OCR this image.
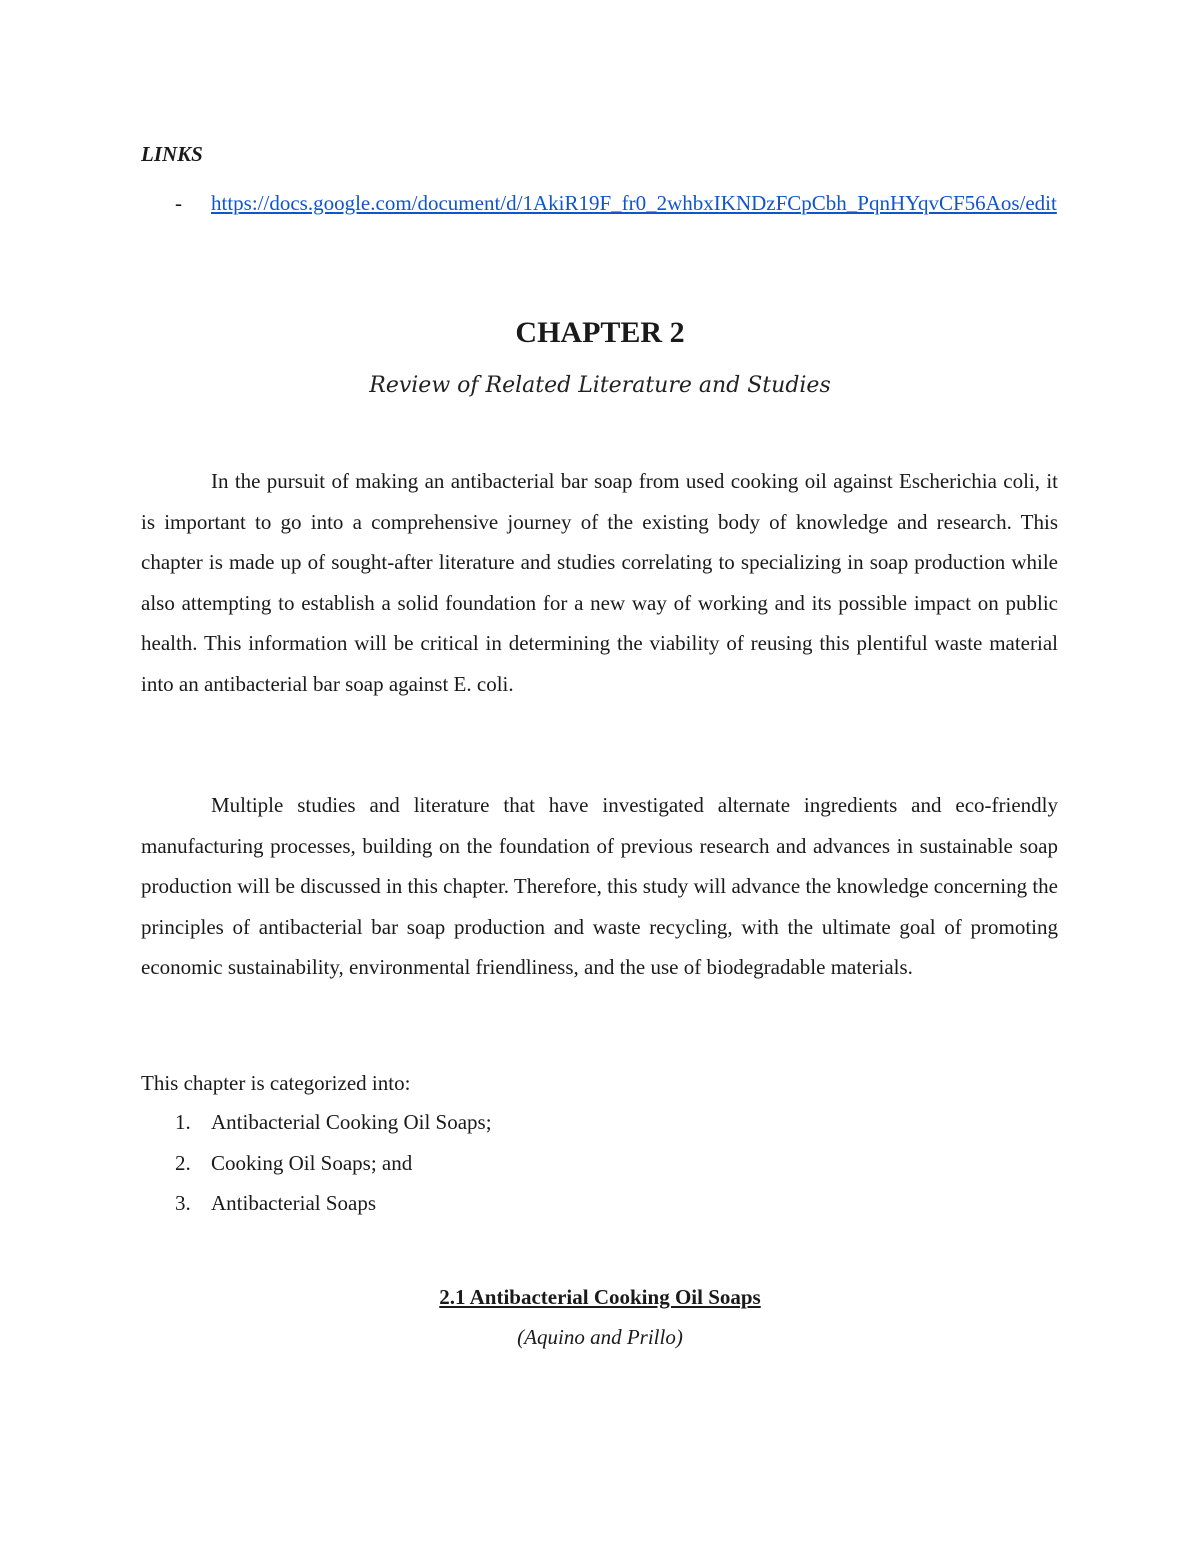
LINKS
- https://docs.google.com/document/d/1AkiR19F_fr0_2whbxIKNDzFCpCbh_PqnHYqvCF56Aos/edit
CHAPTER 2
Review of Related Literature and Studies

In the pursuit of making an antibacterial bar soap from used cooking oil against Escherichia coli, it is important to go into a comprehensive journey of the existing body of knowledge and research. This chapter is made up of sought-after literature and studies correlating to specializing in soap production while also attempting to establish a solid foundation for a new way of working and its possible impact on public health. This information will be critical in determining the viability of reusing this plentiful waste material into an antibacterial bar soap against E. coli.

Multiple studies and literature that have investigated alternate ingredients and eco-friendly manufacturing processes, building on the foundation of previous research and advances in sustainable soap production will be discussed in this chapter. Therefore, this study will advance the knowledge concerning the principles of antibacterial bar soap production and waste recycling, with the ultimate goal of promoting economic sustainability, environmental friendliness, and the use of biodegradable materials.

This chapter is categorized into:
1. Antibacterial Cooking Oil Soaps;
2. Cooking Oil Soaps; and
3. Antibacterial Soaps
2.1 Antibacterial Cooking Oil Soaps
(Aquino and Prillo)
